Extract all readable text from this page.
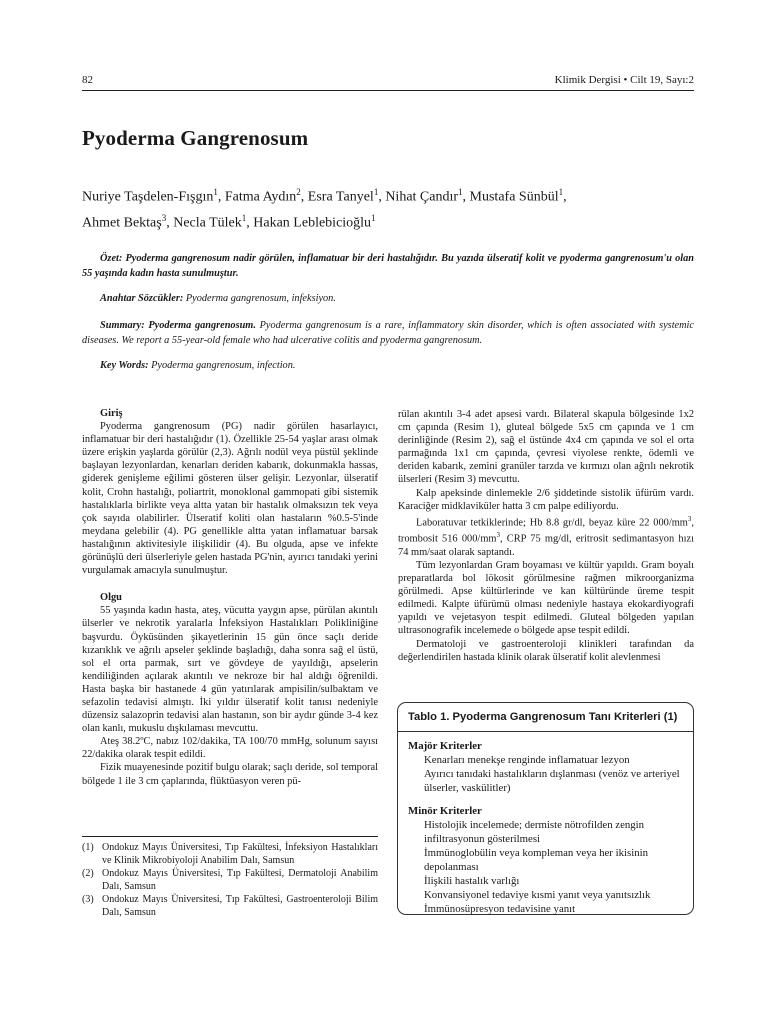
82	Klimik Dergisi • Cilt 19, Sayı:2
Pyoderma Gangrenosum
Nuriye Taşdelen-Fışgın$^1$, Fatma Aydın$^2$, Esra Tanyel$^1$, Nihat Çandır$^1$, Mustafa Sünbül$^1$,
Ahmet Bektaş$^3$, Necla Tülek$^1$, Hakan Leblebicioğlu$^1$
Özet: Pyoderma gangrenosum nadir görülen, inflamatuar bir deri hastalığıdır. Bu yazıda ülseratif kolit ve pyoderma gangrenosum'u olan 55 yaşında kadın hasta sunulmuştur.
Anahtar Sözcükler: Pyoderma gangrenosum, infeksiyon.
Summary: Pyoderma gangrenosum. Pyoderma gangrenosum is a rare, inflammatory skin disorder, which is often associated with systemic diseases. We report a 55-year-old female who had ulcerative colitis and pyoderma gangrenosum.
Key Words: Pyoderma gangrenosum, infection.

Giriş

Pyoderma gangrenosum (PG) nadir görülen hasarlayıcı, inflamatuar bir deri hastalığıdır (1). Özellikle 25-54 yaşlar arası olmak üzere erişkin yaşlarda görülür (2,3). Ağrılı nodül veya püstül şeklinde başlayan lezyonlardan, kenarları deriden kabarık, dokunmakla hassas, giderek genişleme eğilimi gösteren ülser gelişir. Lezyonlar, ülseratif kolit, Crohn hastalığı, poliartrit, monoklonal gammopati gibi sistemik hastalıklarla birlikte veya altta yatan bir hastalık olmaksızın tek veya çok sayıda olabilirler. Ülseratif koliti olan hastaların %0.5-5'inde meydana gelebilir (4). PG genellikle altta yatan inflamatuar barsak hastalığının aktivitesiyle ilişkilidir (4). Bu olguda, apse ve infekte görünüşlü deri ülserleriyle gelen hastada PG'nin, ayırıcı tanıdaki yerini vurgulamak amacıyla sunulmuştur.

Olgu

55 yaşında kadın hasta, ateş, vücutta yaygın apse, pürülan akıntılı ülserler ve nekrotik yaralarla İnfeksiyon Hastalıkları Polikliniğine başvurdu. Öyküsünden şikayetlerinin 15 gün önce saçlı deride kızarıklık ve ağrılı apseler şeklinde başladığı, daha sonra sağ el üstü, sol el orta parmak, sırt ve gövdeye de yayıldığı, apselerin kendiliğinden açılarak akıntılı ve nekroze bir hal aldığı öğrenildi. Hasta başka bir hastanede 4 gün yatırılarak ampisilin/sulbaktam ve sefazolin tedavisi almıştı. İki yıldır ülseratif kolit tanısı nedeniyle düzensiz salazoprin tedavisi alan hastanın, son bir aydır günde 3-4 kez olan kanlı, mukuslu dışkılaması mevcuttu.

Ateş 38.2ºC, nabız 102/dakika, TA 100/70 mmHg, solunum sayısı 22/dakika olarak tespit edildi.

Fizik muayenesinde pozitif bulgu olarak; saçlı deride, sol temporal bölgede 1 ile 3 cm çaplarında, flüktüasyon veren pü-

(1) Ondokuz Mayıs Üniversitesi, Tıp Fakültesi, İnfeksiyon Hastalıkları ve Klinik Mikrobiyoloji Anabilim Dalı, Samsun

(2) Ondokuz Mayıs Üniversitesi, Tıp Fakültesi, Dermatoloji Anabilim Dalı, Samsun

(3) Ondokuz Mayıs Üniversitesi, Tıp Fakültesi, Gastroenteroloji Bilim Dalı, Samsun

rülan akıntılı 3-4 adet apsesi vardı. Bilateral skapula bölgesinde 1x2 cm çapında (Resim 1), gluteal bölgede 5x5 cm çapında ve 1 cm derinliğinde (Resim 2), sağ el üstünde 4x4 cm çapında ve sol el orta parmağında 1x1 cm çapında, çevresi viyolese renkte, ödemli ve deriden kabarık, zemini granüler tarzda ve kırmızı olan ağrılı nekrotik ülserleri (Resim 3) mevcuttu.

Kalp apeksinde dinlemekle 2/6 şiddetinde sistolik üfürüm vardı. Karaciğer midklaviküler hatta 3 cm palpe ediliyordu.

Laboratuvar tetkiklerinde; Hb 8.8 gr/dl, beyaz küre 22 $000/mm^3$, trombosit 516 $000/mm^3$, CRP 75 mg/dl, eritrosit sedimantasyon hızı 74 mm/saat olarak saptandı.

Tüm lezyonlardan Gram boyaması ve kültür yapıldı. Gram boyalı preparatlarda bol lökosit görülmesine rağmen mikroorganizma görülmedi. Apse kültürlerinde ve kan kültüründe üreme tespit edilmedi. Kalpte üfürümü olması nedeniyle hastaya ekokardiyografi yapıldı ve vejetasyon tespit edilmedi. Gluteal bölgeden yapılan ultrasonografik incelemede o bölgede apse tespit edildi.

Dermatoloji ve gastroenteroloji klinikleri tarafından da değerlendirilen hastada klinik olarak ülseratif kolit alevlenmesi

Tablo 1. Pyoderma Gangrenosum Tanı Kriterleri (1)

Majör Kriterler

Kenarları menekşe renginde inflamatuar lezyon

Ayırıcı tanıdaki hastalıkların dışlanması (venöz ve arteriyel ülserler, vaskülitler)

Minör Kriterler

Histolojik incelemede; dermiste nötrofilden zengin infiltrasyonun gösterilmesi

İmmünoglobülin veya kompleman veya her ikisinin depolanması

İlişkili hastalık varlığı

Konvansiyonel tedaviye kısmi yanıt veya yanıtsızlık

İmmünosüpresyon tedavisine yanıt
